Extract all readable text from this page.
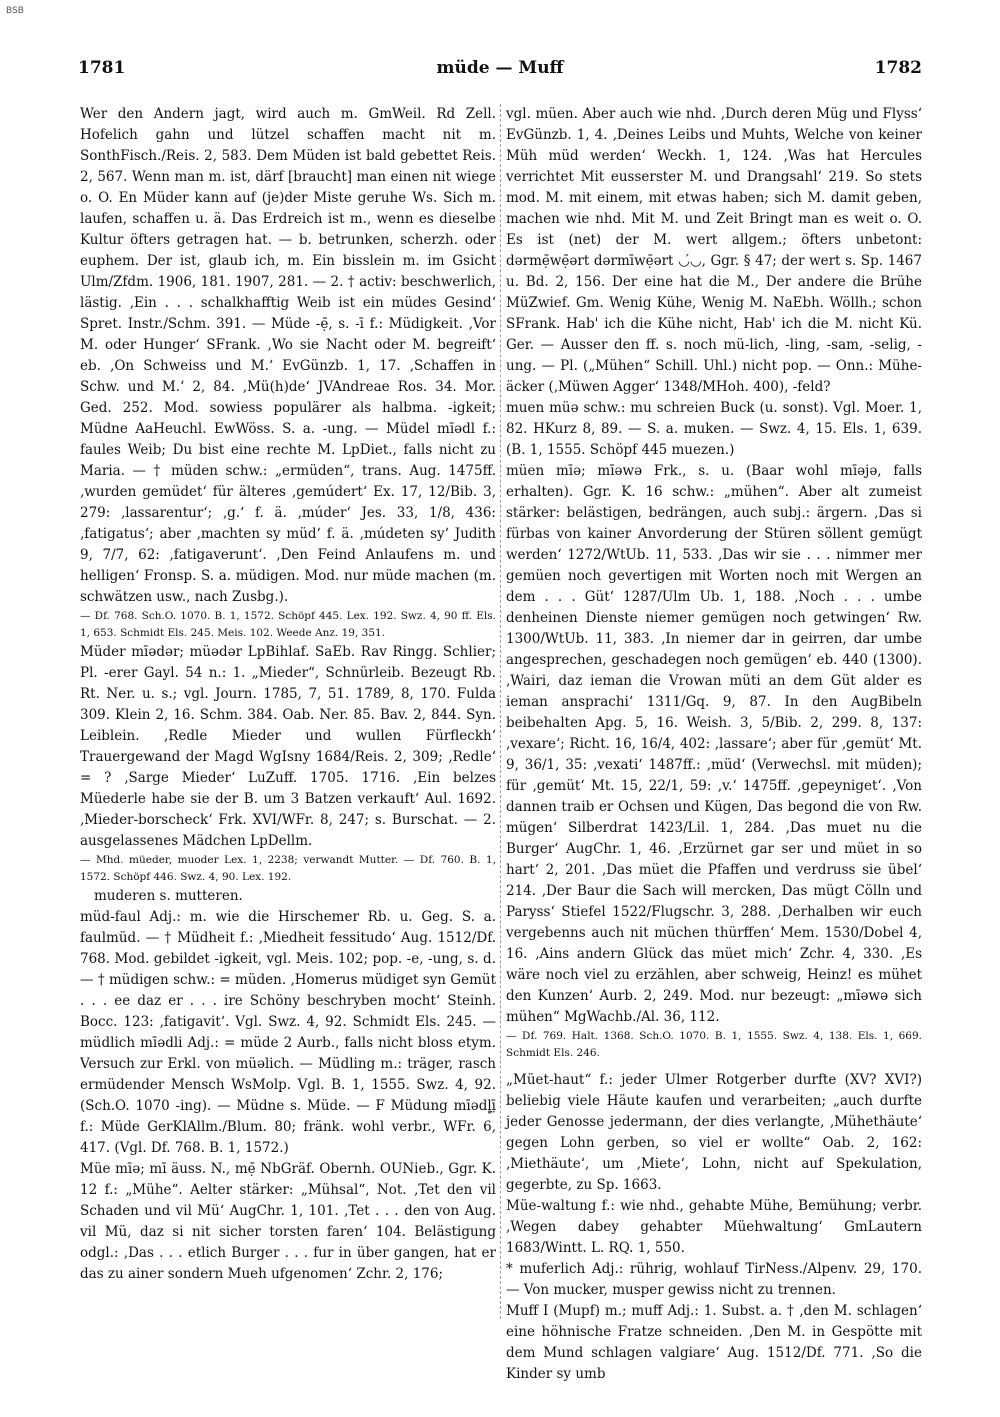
BSB
1781	müde — Muff	1782

Wer den Andern jagt, wird auch m. GmWeil. Rd Zell. Hofelich gahn und lützel schaffen macht nit m. SonthFisch./Reis. 2, 583. Dem Müden ist bald gebettet Reis. 2, 567. Wenn man m. ist, därf [braucht] man einen nit wiege o. O. En Müder kann auf (je)der Miste geruhe Ws. Sich m. laufen, schaffen u. ä. Das Erdreich ist m., wenn es dieselbe Kultur öfters getragen hat. — b. betrunken, scherzh. oder euphem. Der ist, glaub ich, m. Ein bisslein m. im Gsicht Ulm/Zfdm. 1906, 181. 1907, 281. — 2. † activ: beschwerlich, lästig. ‚Ein . . . schalkhafftig Weib ist ein müdes Gesind‘ Spret. Instr./Schm. 391. — Müde -ẹ̄, s. -ī f.: Müdigkeit. ‚Vor M. oder Hunger‘ SFrank. ‚Wo sie Nacht oder M. begreift‘ eb. ‚On Schweiss und M.‘ EvGünzb. 1, 17. ‚Schaffen in Schw. und M.‘ 2, 84. ‚Mü(h)de‘ JVAndreae Ros. 34. Mor. Ged. 252. Mod. sowiess populärer als halbma. -igkeit; Müdne AaHeuchl. EwWöss. S. a. -ung. — Müdel mīədl f.: faules Weib; Du bist eine rechte M. LpDiet., falls nicht zu Maria. — † müden schw.: „ermüden“, trans. Aug. 1475ff. ‚wurden gemüdet‘ für älteres ‚gemúdert‘ Ex. 17, 12/Bib. 3, 279: ‚lassarentur‘; ‚g.‘ f. ä. ‚múder‘ Jes. 33, 1/8, 436: ‚fatigatus‘; aber ‚machten sy müd‘ f. ä. ‚múdeten sy‘ Judith 9, 7/7, 62: ‚fatigaverunt‘. ‚Den Feind Anlaufens m. und helligen‘ Fronsp. S. a. müdigen. Mod. nur müde machen (m. schwätzen usw., nach Zusbg.).

— Df. 768. Sch.O. 1070. B. 1, 1572. Schöpf 445. Lex. 192. Swz. 4, 90 ff. Els. 1, 653. Schmidt Els. 245. Meis. 102. Weede Anz. 19, 351.

Müder mīədər; müədər LpBihlaf. SaEb. Rav Ringg. Schlier; Pl. -erer Gayl. 54 n.: 1. „Mieder“, Schnürleib. Bezeugt Rb. Rt. Ner. u. s.; vgl. Journ. 1785, 7, 51. 1789, 8, 170. Fulda 309. Klein 2, 16. Schm. 384. Oab. Ner. 85. Bav. 2, 844. Syn. Leiblein. ‚Redle Mieder und wullen Fürfleckh‘ Trauergewand der Magd WgIsny 1684/Reis. 2, 309; ‚Redle‘ = ? ‚Sarge Mieder‘ LuZuff. 1705. 1716. ‚Ein belzes Müederle habe sie der B. um 3 Batzen verkauft‘ Aul. 1692. ‚Mieder-borscheck‘ Frk. XVI/WFr. 8, 247; s. Burschat. — 2. ausgelassenes Mädchen LpDellm.

— Mhd. müeder, muoder Lex. 1, 2238; verwandt Mutter. — Df. 760. B. 1, 1572. Schöpf 446. Swz. 4, 90. Lex. 192.

muderen s. mutteren.

müd-faul Adj.: m. wie die Hirschemer Rb. u. Geg. S. a. faulmüd. — † Müdheit f.: ‚Miedheit fessitudo‘ Aug. 1512/Df. 768. Mod. gebildet -igkeit, vgl. Meis. 102; pop. -e, -ung, s. d. — † müdigen schw.: = müden. ‚Homerus müdiget syn Gemüt . . . ee daz er . . . ire Schöny beschryben mocht‘ Steinh. Bocc. 123: ‚fatigavit‘. Vgl. Swz. 4, 92. Schmidt Els. 245. — müdlich mīədli Adj.: = müde 2 Aurb., falls nicht bloss etym. Versuch zur Erkl. von müəlich. — Müdling m.: träger, rasch ermüdender Mensch WsMolp. Vgl. B. 1, 1555. Swz. 4, 92. (Sch.O. 1070 -ing). — Müdne s. Müde. — F Müdung mīədl̥ī̤ f.: Müde GerKlAllm./Blum. 80; fränk. wohl verbr., WFr. 6, 417. (Vgl. Df. 768. B. 1, 1572.)

Müe mīə; mī äuss. N., mẹ̄ NbGräf. Obernh. OUNieb., Ggr. K. 12 f.: „Mühe“. Aelter stärker: „Mühsal“, Not. ‚Tet den vil Schaden und vil Mü‘ AugChr. 1, 101. ‚Tet . . . den von Aug. vil Mü, daz si nit sicher torsten faren‘ 104. Belästigung odgl.: ‚Das . . . etlich Burger . . . fur in über gangen, hat er das zu ainer sondern Mueh ufgenomen‘ Zchr. 2, 176;

vgl. müen. Aber auch wie nhd. ‚Durch deren Müg und Flyss‘ EvGünzb. 1, 4. ‚Deines Leibs und Muhts, Welche von keiner Müh müd werden‘ Weckh. 1, 124. ‚Was hat Hercules verrichtet Mit eusserster M. und Drangsahl‘ 219. So stets mod. M. mit einem, mit etwas haben; sich M. damit geben, machen wie nhd. Mit M. und Zeit Bringt man es weit o. O. Es ist (net) der M. wert allgem.; öfters unbetont: dərmẹ̄wẹ̄ərt dərmīwẹ̄ərt ◡́◡, Ggr. § 47; der wert s. Sp. 1467 u. Bd. 2, 156. Der eine hat die M., Der andere die Brühe MüZwief. Gm. Wenig Kühe, Wenig M. NaEbh. Wöllh.; schon SFrank. Hab' ich die Kühe nicht, Hab' ich die M. nicht Kü. Ger. — Ausser den ff. s. noch mü-lich, -ling, -sam, -selig, -ung. — Pl. („Mühen“ Schill. Uhl.) nicht pop. — Onn.: Mühe-äcker (‚Müwen Agger‘ 1348/MHoh. 400), -feld?

muen müə schw.: mu schreien Buck (u. sonst). Vgl. Moer. 1, 82. HKurz 8, 89. — S. a. muken. — Swz. 4, 15. Els. 1, 639. (B. 1, 1555. Schöpf 445 muezen.)

müen mīə; mīəwə Frk., s. u. (Baar wohl mīəjə, falls erhalten). Ggr. K. 16 schw.: „mühen“. Aber alt zumeist stärker: belästigen, bedrängen, auch subj.: ärgern. ‚Das si fürbas von kainer Anvorderung der Stüren söllent gemügt werden‘ 1272/WtUb. 11, 533. ‚Das wir sie . . . nimmer mer gemüen noch gevertigen mit Worten noch mit Wergen an dem . . . Güt‘ 1287/Ulm Ub. 1, 188. ‚Noch . . . umbe denheinen Dienste niemer gemügen noch getwingen‘ Rw. 1300/WtUb. 11, 383. ‚In niemer dar in geirren, dar umbe angesprechen, geschadegen noch gemügen‘ eb. 440 (1300). ‚Wairi, daz ieman die Vrowan müti an dem Güt alder es ieman ansprachi‘ 1311/Gq. 9, 87. In den AugBibeln beibehalten Apg. 5, 16. Weish. 3, 5/Bib. 2, 299. 8, 137: ‚vexare‘; Richt. 16, 16/4, 402: ‚lassare‘; aber für ‚gemüt‘ Mt. 9, 36/1, 35: ‚vexati‘ 1487ff.: ‚müd‘ (Verwechsl. mit müden); für ‚gemüt‘ Mt. 15, 22/1, 59: ‚v.‘ 1475ff. ‚gepeyniget‘. ‚Von dannen traib er Ochsen und Kügen, Das begond die von Rw. mügen‘ Silberdrat 1423/Lil. 1, 284. ‚Das muet nu die Burger‘ AugChr. 1, 46. ‚Erzürnet gar ser und müet in so hart‘ 2, 201. ‚Das müet die Pfaffen und verdruss sie übel‘ 214. ‚Der Baur die Sach will mercken, Das mügt Cölln und Paryss‘ Stiefel 1522/Flugschr. 3, 288. ‚Derhalben wir euch vergebenns auch nit müchen thürffen‘ Mem. 1530/Dobel 4, 16. ‚Ains andern Glück das müet mich‘ Zchr. 4, 330. ‚Es wäre noch viel zu erzählen, aber schweig, Heinz! es mühet den Kunzen‘ Aurb. 2, 249. Mod. nur bezeugt: „mīəwə sich mühen“ MgWachb./Al. 36, 112.

— Df. 769. Halt. 1368. Sch.O. 1070. B. 1, 1555. Swz. 4, 138. Els. 1, 669. Schmidt Els. 246.

„Müet-haut“ f.: jeder Ulmer Rotgerber durfte (XV? XVI?) beliebig viele Häute kaufen und verarbeiten; „auch durfte jeder Genosse jedermann, der dies verlangte, ‚Mühethäute‘ gegen Lohn gerben, so viel er wollte“ Oab. 2, 162: ‚Miethäute‘, um ‚Miete‘, Lohn, nicht auf Spekulation, gegerbte, zu Sp. 1663.

Müe-waltung f.: wie nhd., gehabte Mühe, Bemühung; verbr. ‚Wegen dabey gehabter Müehwaltung‘ GmLautern 1683/Wintt. L. RQ. 1, 550.

* muferlich Adj.: rührig, wohlauf TirNess./Alpenv. 29, 170. — Von mucker, musper gewiss nicht zu trennen.

Muff I (Mupf) m.; muff Adj.: 1. Subst. a. † ‚den M. schlagen‘ eine höhnische Fratze schneiden. ‚Den M. in Gespötte mit dem Mund schlagen valgiare‘ Aug. 1512/Df. 771. ‚So die Kinder sy umb
